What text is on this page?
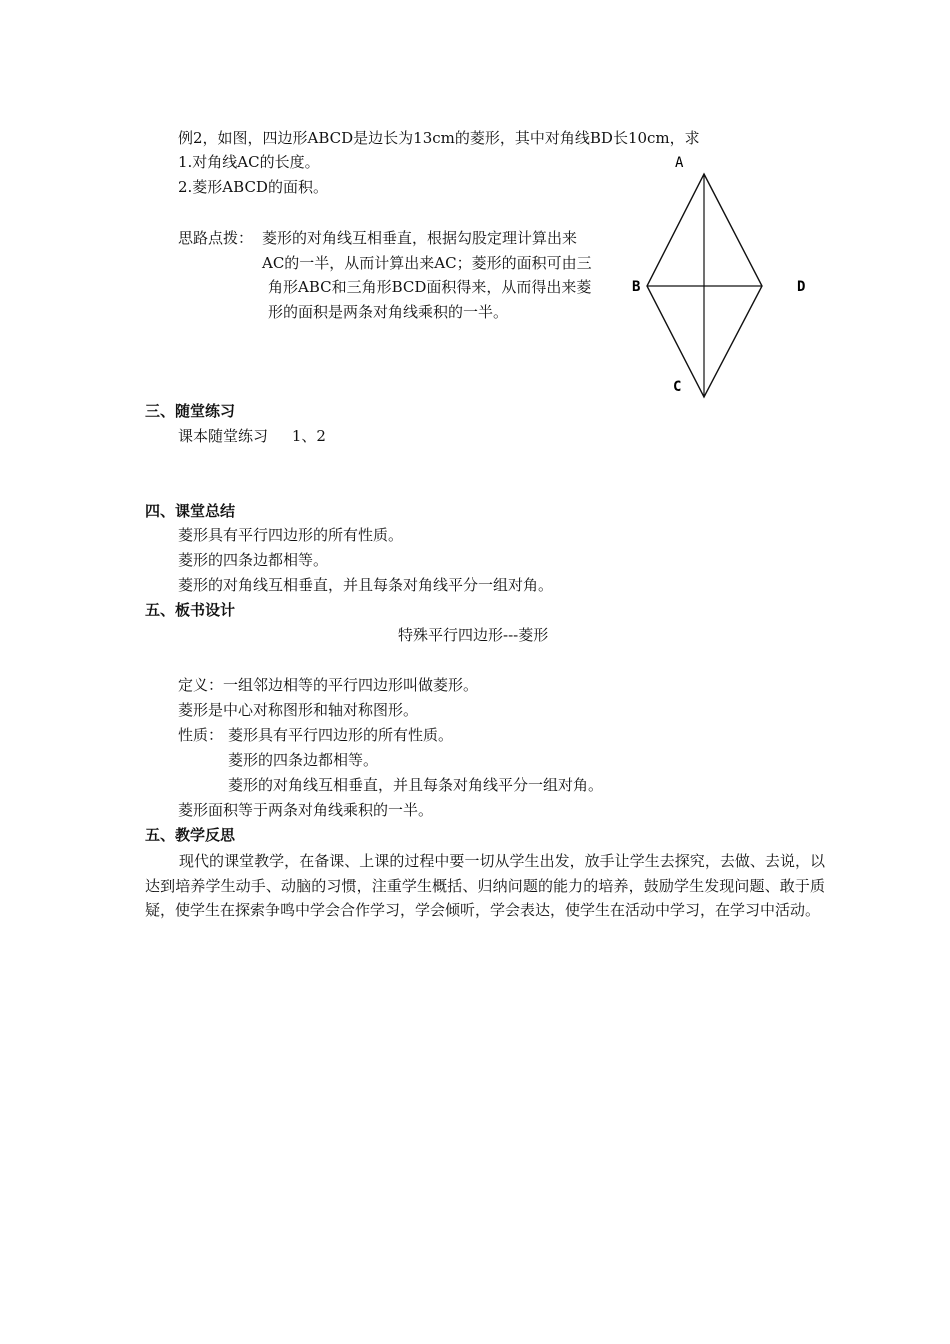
例2，如图，四边形ABCD是边长为13cm的菱形，其中对角线BD长10cm，求
1.对角线AC的长度。
2.菱形ABCD的面积。
思路点拨： 菱形的对角线互相垂直，根据勾股定理计算出来
AC的一半，从而计算出来AC；菱形的面积可由三
角形ABC和三角形BCD面积得来，从而得出来菱
形的面积是两条对角线乘积的一半。
A
B
C
D
三、随堂练习
课本随堂练习     1、2
四、课堂总结
菱形具有平行四边形的所有性质。
菱形的四条边都相等。
菱形的对角线互相垂直，并且每条对角线平分一组对角。
五、板书设计
特殊平行四边形---菱形
定义：一组邻边相等的平行四边形叫做菱形。
菱形是中心对称图形和轴对称图形。
性质： 菱形具有平行四边形的所有性质。
菱形的四条边都相等。
菱形的对角线互相垂直，并且每条对角线平分一组对角。
菱形面积等于两条对角线乘积的一半。
五、教学反思
现代的课堂教学，在备课、上课的过程中要一切从学生出发，放手让学生去探究，去做、去说，以达到培养学生动手、动脑的习惯，注重学生概括、归纳问题的能力的培养，鼓励学生发现问题、敢于质疑，使学生在探索争鸣中学会合作学习，学会倾听，学会表达，使学生在活动中学习，在学习中活动。
